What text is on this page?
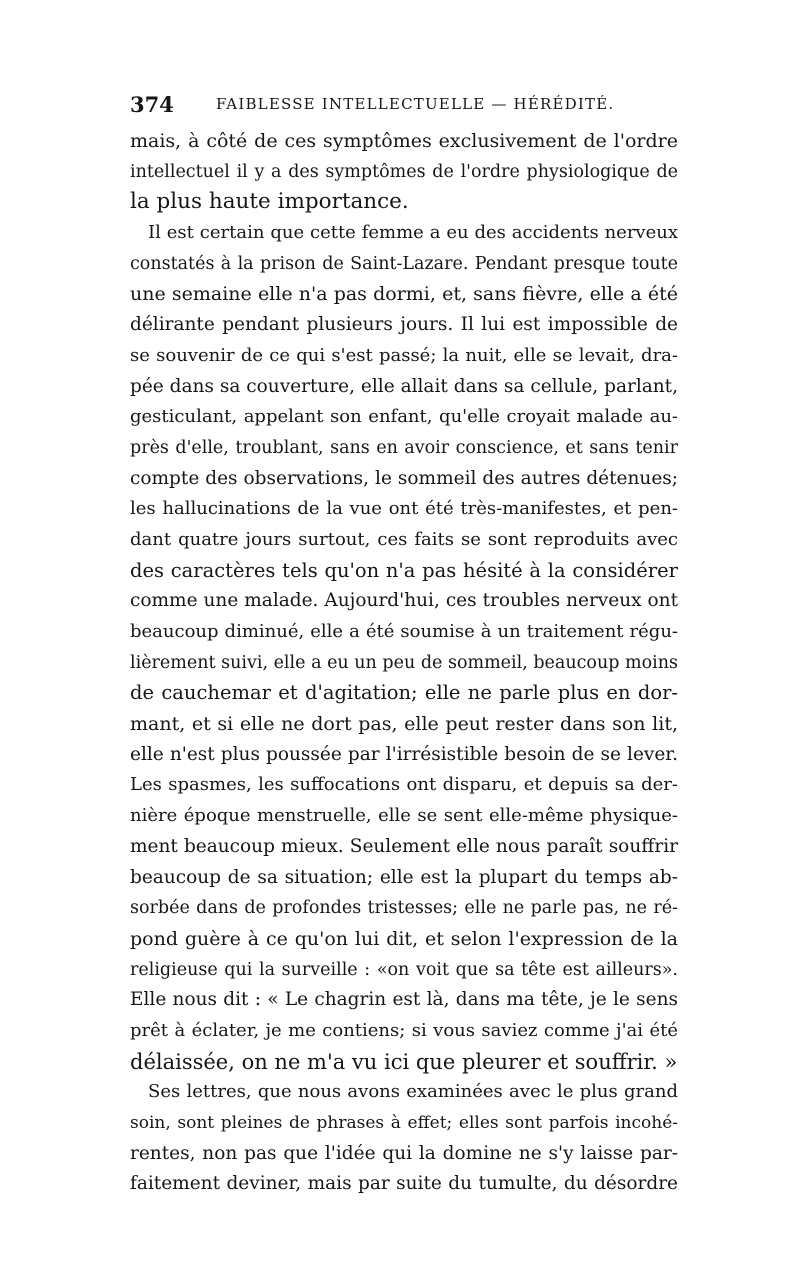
374	FAIBLESSE INTELLECTUELLE — HÉRÉDITÉ.
mais, à côté de ces symptômes exclusivement de l'ordre
intellectuel il y a des symptômes de l'ordre physiologique de
la plus haute importance.
Il est certain que cette femme a eu des accidents nerveux
constatés à la prison de Saint-Lazare. Pendant presque toute
une semaine elle n'a pas dormi, et, sans fièvre, elle a été
délirante pendant plusieurs jours. Il lui est impossible de
se souvenir de ce qui s'est passé; la nuit, elle se levait, dra-
pée dans sa couverture, elle allait dans sa cellule, parlant,
gesticulant, appelant son enfant, qu'elle croyait malade au-
près d'elle, troublant, sans en avoir conscience, et sans tenir
compte des observations, le sommeil des autres détenues;
les hallucinations de la vue ont été très-manifestes, et pen-
dant quatre jours surtout, ces faits se sont reproduits avec
des caractères tels qu'on n'a pas hésité à la considérer
comme une malade. Aujourd'hui, ces troubles nerveux ont
beaucoup diminué, elle a été soumise à un traitement régu-
lièrement suivi, elle a eu un peu de sommeil, beaucoup moins
de cauchemar et d'agitation; elle ne parle plus en dor-
mant, et si elle ne dort pas, elle peut rester dans son lit,
elle n'est plus poussée par l'irrésistible besoin de se lever.
Les spasmes, les suffocations ont disparu, et depuis sa der-
nière époque menstruelle, elle se sent elle-même physique-
ment beaucoup mieux. Seulement elle nous paraît souffrir
beaucoup de sa situation; elle est la plupart du temps ab-
sorbée dans de profondes tristesses; elle ne parle pas, ne ré-
pond guère à ce qu'on lui dit, et selon l'expression de la
religieuse qui la surveille : «on voit que sa tête est ailleurs».
Elle nous dit : « Le chagrin est là, dans ma tête, je le sens
prêt à éclater, je me contiens; si vous saviez comme j'ai été
délaissée, on ne m'a vu ici que pleurer et souffrir. »
Ses lettres, que nous avons examinées avec le plus grand
soin, sont pleines de phrases à effet; elles sont parfois incohé-
rentes, non pas que l'idée qui la domine ne s'y laisse par-
faitement deviner, mais par suite du tumulte, du désordre
